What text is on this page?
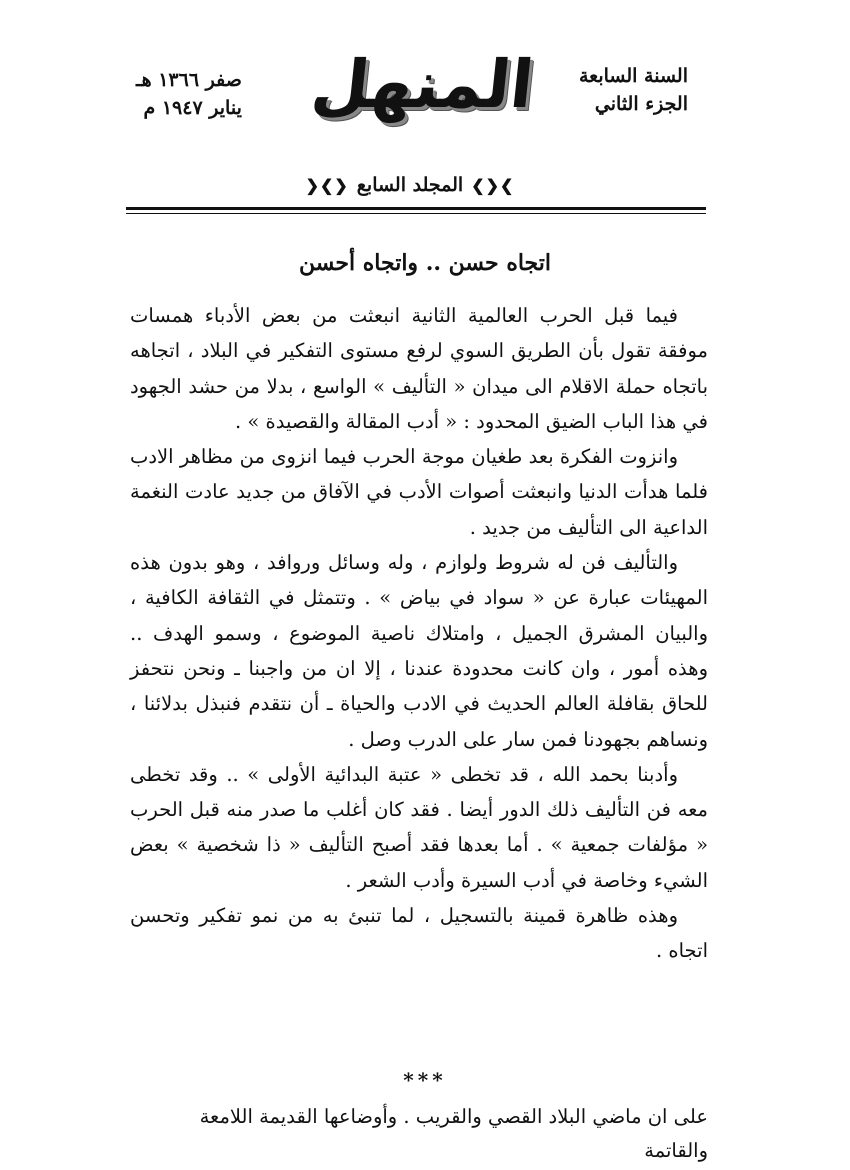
صفر ١٣٦٦ هـ
يناير ١٩٤٧ م المنهل السنة السابعة
الجزء الثاني
❯❮❯
المجلد السابع
❮❯❮
اتجاه حسن .. واتجاه أحسن

فيما قبل الحرب العالمية الثانية انبعثت من بعض الأدباء همسات موفقة تقول بأن الطريق السوي لرفع مستوى التفكير في البلاد ، اتجاهه باتجاه حملة الاقلام الى ميدان « التأليف » الواسع ، بدلا من حشد الجهود في هذا الباب الضيق المحدود : « أدب المقالة والقصيدة » .

وانزوت الفكرة بعد طغيان موجة الحرب فيما انزوى من مظاهر الادب فلما هدأت الدنيا وانبعثت أصوات الأدب في الآفاق من جديد عادت النغمة الداعية الى التأليف من جديد .

والتأليف فن له شروط ولوازم ، وله وسائل وروافد ، وهو بدون هذه المهيئات عبارة عن « سواد في بياض » . وتتمثل في الثقافة الكافية ، والبيان المشرق الجميل ، وامتلاك ناصية الموضوع ، وسمو الهدف .. وهذه أمور ، وان كانت محدودة عندنا ، إلا ان من واجبنا ـ ونحن نتحفز للحاق بقافلة العالم الحديث في الادب والحياة ـ أن نتقدم فنبذل بدلائنا ، ونساهم بجهودنا فمن سار على الدرب وصل .

وأدبنا بحمد الله ، قد تخطى « عتبة البدائية الأولى » .. وقد تخطى معه فن التأليف ذلك الدور أيضا . فقد كان أغلب ما صدر منه قبل الحرب « مؤلفات جمعية » . أما بعدها فقد أصبح التأليف « ذا شخصية » بعض الشيء وخاصة في أدب السيرة وأدب الشعر .

وهذه ظاهرة قمينة بالتسجيل ، لما تنبئ به من نمو تفكير وتحسن اتجاه .

***
على ان ماضي البلاد القصي والقريب . وأوضاعها القديمة اللامعة والقاتمة
